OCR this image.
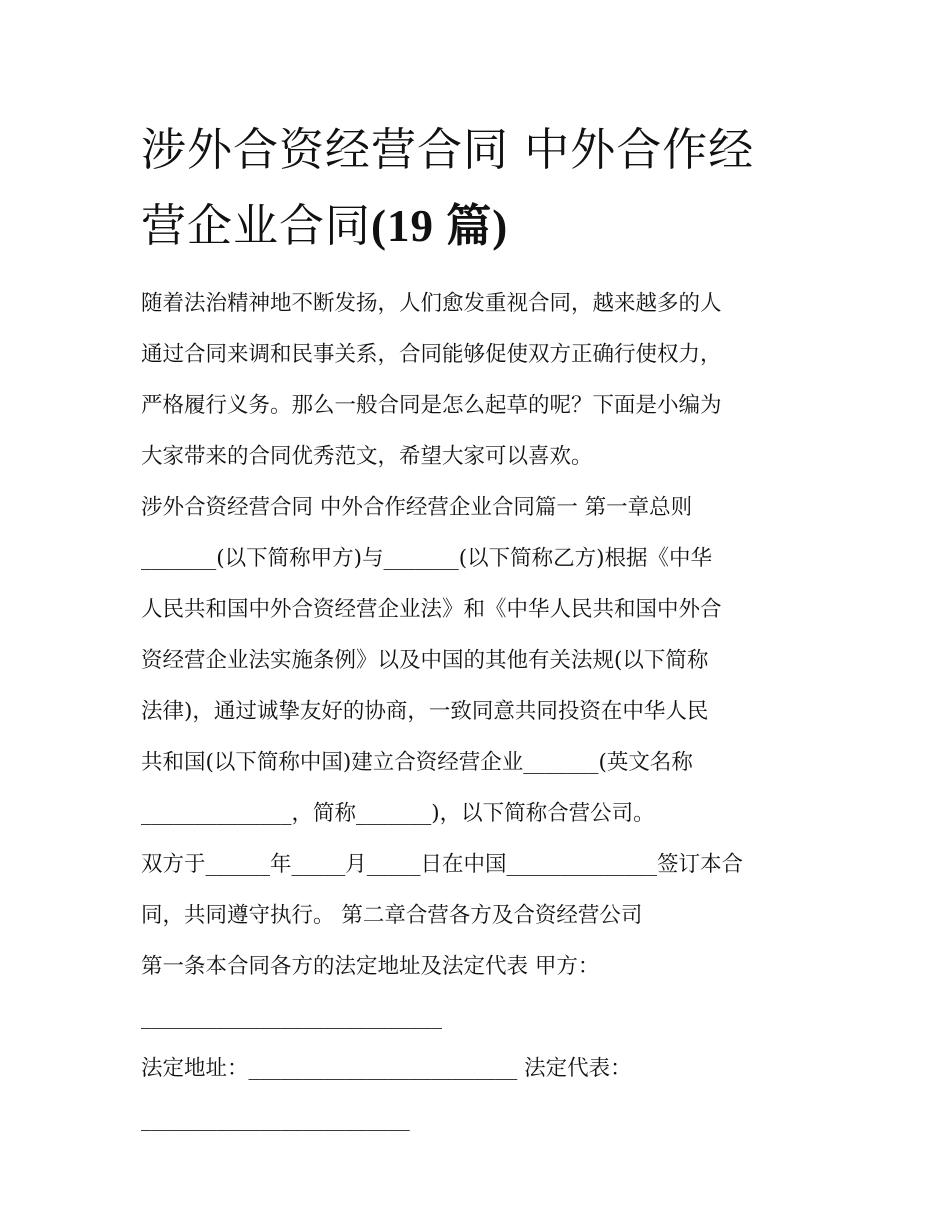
涉外合资经营合同 中外合作经
营企业合同(19 篇)
随着法治精神地不断发扬，人们愈发重视合同，越来越多的人
通过合同来调和民事关系，合同能够促使双方正确行使权力，
严格履行义务。那么一般合同是怎么起草的呢？下面是小编为
大家带来的合同优秀范文，希望大家可以喜欢。
涉外合资经营合同 中外合作经营企业合同篇一 第一章总则
_______(以下简称甲方)与_______(以下简称乙方)根据《中华
人民共和国中外合资经营企业法》和《中华人民共和国中外合
资经营企业法实施条例》以及中国的其他有关法规(以下简称
法律)，通过诚挚友好的协商，一致同意共同投资在中华人民
共和国(以下简称中国)建立合资经营企业_______(英文名称
______________，简称_______)，以下简称合营公司。
双方于______年_____月_____日在中国______________签订本合
同，共同遵守执行。 第二章合营各方及合资经营公司
第一条本合同各方的法定地址及法定代表 甲方：
____________________________
法定地址：_________________________ 法定代表：
_________________________
